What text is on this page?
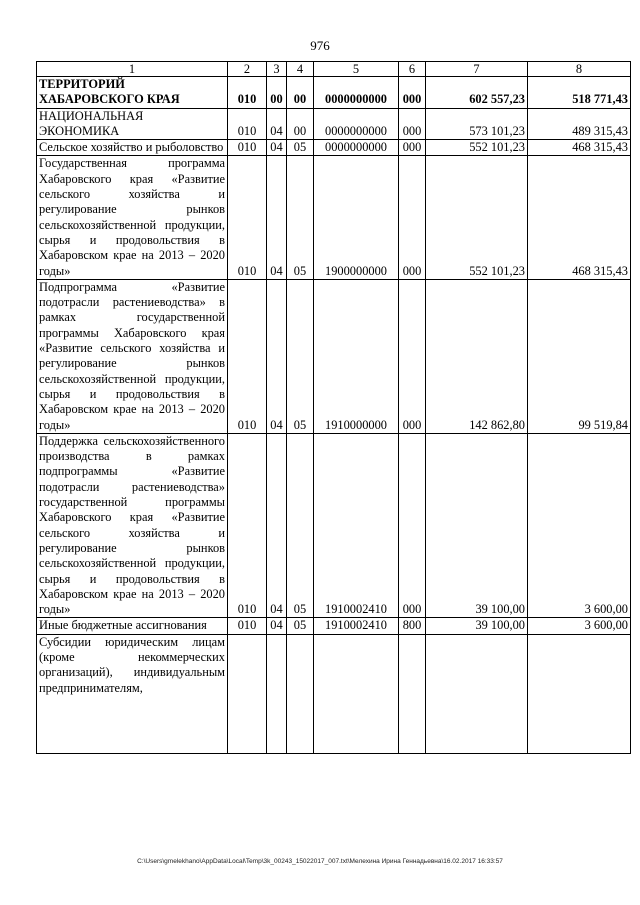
976
1	2	3	4	5	6	7	8
ТЕРРИТОРИЙ ХАБАРОВСКОГО КРАЯ	010	00	00	0000000000	000	602 557,23	518 771,43
НАЦИОНАЛЬНАЯ ЭКОНОМИКА	010	04	00	0000000000	000	573 101,23	489 315,43
Сельское хозяйство и рыболовство	010	04	05	0000000000	000	552 101,23	468 315,43
Государственная программа Хабаровского края «Развитие сельского хозяйства и регулирование рынков сельскохозяйственной продукции, сырья и продовольствия в Хабаровском крае на 2013 – 2020 годы»	010	04	05	1900000000	000	552 101,23	468 315,43
Подпрограмма «Развитие подотрасли растениеводства» в рамках государственной программы Хабаровского края «Развитие сельского хозяйства и регулирование рынков сельскохозяйственной продукции, сырья и продовольствия в Хабаровском крае на 2013 – 2020 годы»	010	04	05	1910000000	000	142 862,80	99 519,84
Поддержка сельскохозяйственного производства в рамках подпрограммы «Развитие подотрасли растениеводства» государственной программы Хабаровского края «Развитие сельского хозяйства и регулирование рынков сельскохозяйственной продукции, сырья и продовольствия в Хабаровском крае на 2013 – 2020 годы»	010	04	05	1910002410	000	39 100,00	3 600,00
Иные бюджетные ассигнования	010	04	05	1910002410	800	39 100,00	3 600,00
Субсидии юридическим лицам (кроме некоммерческих организаций), индивидуальным предпринимателям,							
C:\Users\gmelekhano\AppData\Local\Temp\3k_00243_15022017_007.txt\Мелехина Ирина Геннадьевна\16.02.2017 16:33:57
